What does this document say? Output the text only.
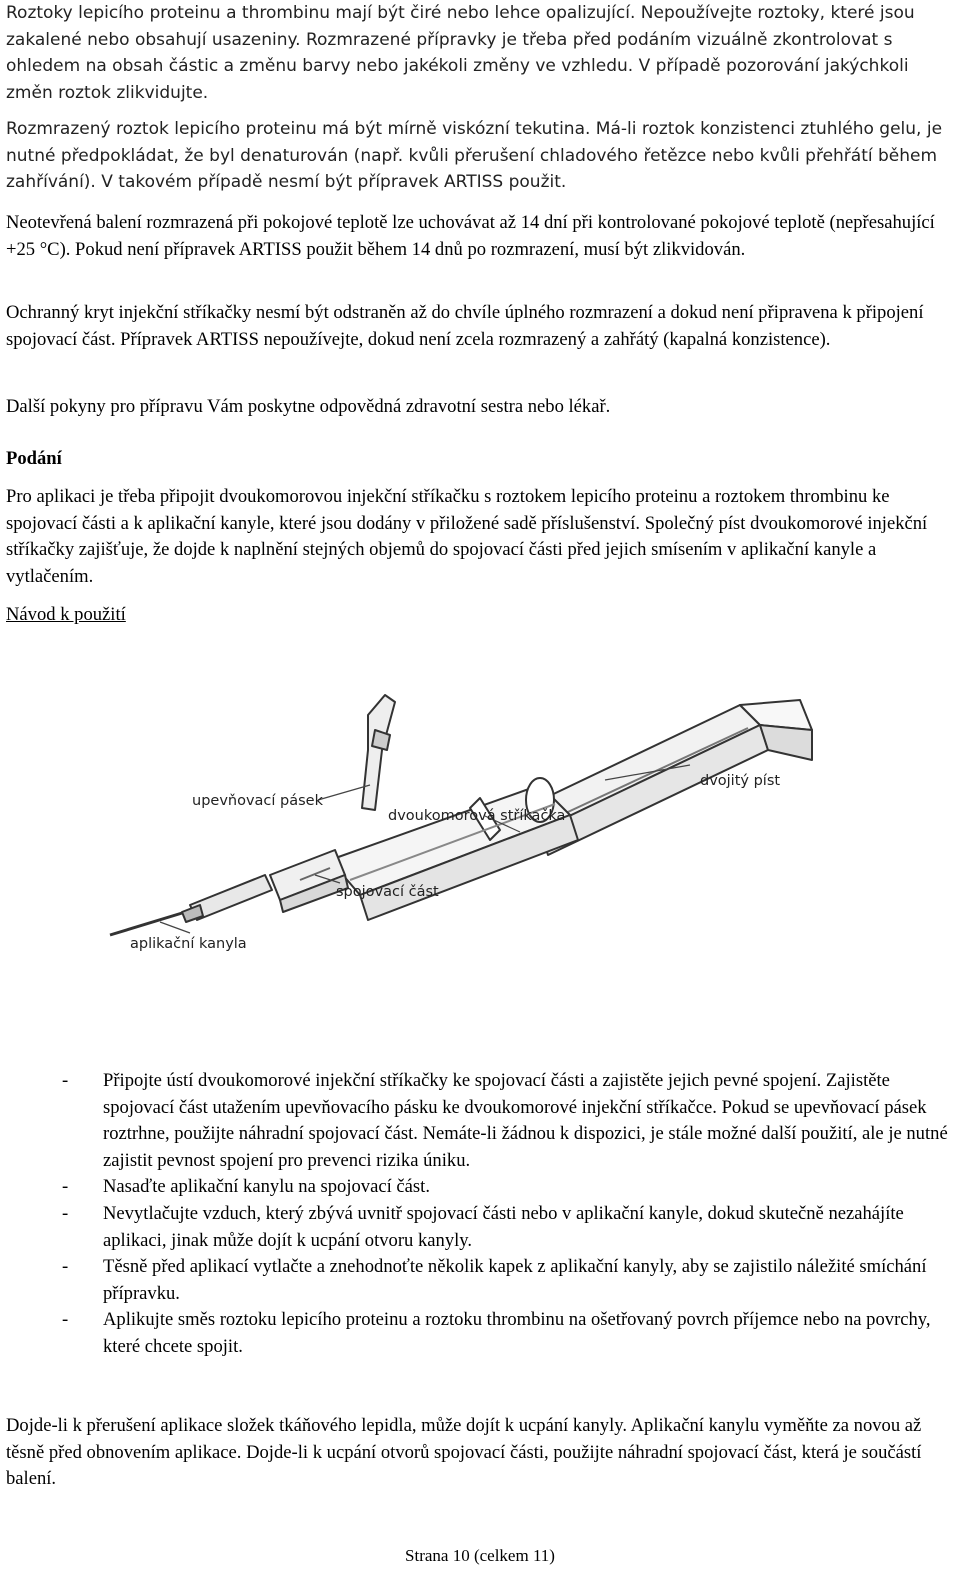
Roztoky lepicího proteinu a thrombinu mají být čiré nebo lehce opalizující. Nepoužívejte roztoky, které jsou zakalené nebo obsahují usazeniny. Rozmrazené přípravky je třeba před podáním vizuálně zkontrolovat s ohledem na obsah částic a změnu barvy nebo jakékoli změny ve vzhledu. V případě pozorování jakýchkoli změn roztok zlikvidujte.

Rozmrazený roztok lepicího proteinu má být mírně viskózní tekutina. Má-li roztok konzistenci ztuhlého gelu, je nutné předpokládat, že byl denaturován (např. kvůli přerušení chladového řetězce nebo kvůli přehřátí během zahřívání). V takovém případě nesmí být přípravek ARTISS použit.

Neotevřená balení rozmrazená při pokojové teplotě lze uchovávat až 14 dní při kontrolované pokojové teplotě (nepřesahující +25 °C). Pokud není přípravek ARTISS použit během 14 dnů po rozmrazení, musí být zlikvidován.

Ochranný kryt injekční stříkačky nesmí být odstraněn až do chvíle úplného rozmrazení a dokud není připravena k připojení spojovací část. Přípravek ARTISS nepoužívejte, dokud není zcela rozmrazený a zahřátý (kapalná konzistence).

Další pokyny pro přípravu Vám poskytne odpovědná zdravotní sestra nebo lékař.

Podání

Pro aplikaci je třeba připojit dvoukomorovou injekční stříkačku s roztokem lepicího proteinu a roztokem thrombinu ke spojovací části a k aplikační kanyle, které jsou dodány v přiložené sadě příslušenství. Společný píst dvoukomorové injekční stříkačky zajišťuje, že dojde k naplnění stejných objemů do spojovací části před jejich smísením v aplikační kanyle a vytlačením.

Návod k použití
dvojitý píst
upevňovací pásek
dvoukomorová stříkačka
spojovací část
aplikační kanyla
- Připojte ústí dvoukomorové injekční stříkačky ke spojovací části a zajistěte jejich pevné spojení. Zajistěte spojovací část utažením upevňovacího pásku ke dvoukomorové injekční stříkačce. Pokud se upevňovací pásek roztrhne, použijte náhradní spojovací část. Nemáte-li žádnou k dispozici, je stále možné další použití, ale je nutné zajistit pevnost spojení pro prevenci rizika úniku.
- Nasaďte aplikační kanylu na spojovací část.
- Nevytlačujte vzduch, který zbývá uvnitř spojovací části nebo v aplikační kanyle, dokud skutečně nezahájíte aplikaci, jinak může dojít k ucpání otvoru kanyly.
- Těsně před aplikací vytlačte a znehodnoťte několik kapek z aplikační kanyly, aby se zajistilo náležité smíchání přípravku.
- Aplikujte směs roztoku lepicího proteinu a roztoku thrombinu na ošetřovaný povrch příjemce nebo na povrchy, které chcete spojit.

Dojde-li k přerušení aplikace složek tkáňového lepidla, může dojít k ucpání kanyly. Aplikační kanylu vyměňte za novou až těsně před obnovením aplikace. Dojde-li k ucpání otvorů spojovací části, použijte náhradní spojovací část, která je součástí balení.

Strana 10 (celkem 11)
